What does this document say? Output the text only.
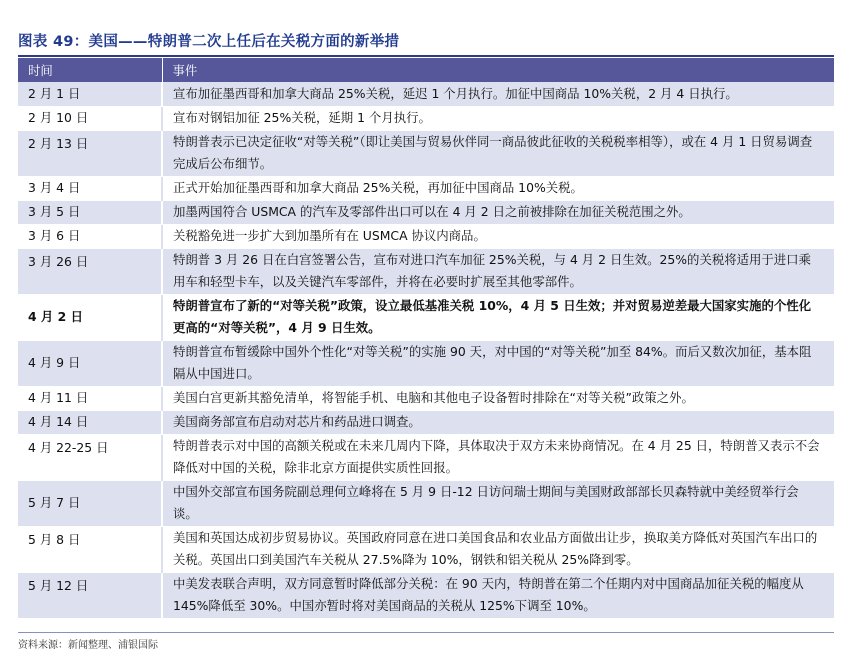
图表 49：美国——特朗普二次上任后在关税方面的新举措
时间	事件
2 月 1 日	宣布加征墨西哥和加拿大商品 25%关税，延迟 1 个月执行。加征中国商品 10%关税，2 月 4 日执行。
2 月 10 日	宣布对钢铝加征 25%关税，延期 1 个月执行。
2 月 13 日	特朗普表示已决定征收“对等关税”（即让美国与贸易伙伴同一商品彼此征收的关税税率相等），或在 4 月 1 日贸易调查完成后公布细节。
3 月 4 日	正式开始加征墨西哥和加拿大商品 25%关税，再加征中国商品 10%关税。
3 月 5 日	加墨两国符合 USMCA 的汽车及零部件出口可以在 4 月 2 日之前被排除在加征关税范围之外。
3 月 6 日	关税豁免进一步扩大到加墨所有在 USMCA 协议内商品。
3 月 26 日	特朗普 3 月 26 日在白宫签署公告，宣布对进口汽车加征 25%关税，与 4 月 2 日生效。25%的关税将适用于进口乘用车和轻型卡车，以及关键汽车零部件，并将在必要时扩展至其他零部件。
4 月 2 日	特朗普宣布了新的“对等关税”政策，设立最低基准关税 10%，4 月 5 日生效；并对贸易逆差最大国家实施的个性化更高的“对等关税”，4 月 9 日生效。
4 月 9 日	特朗普宣布暂缓除中国外个性化“对等关税”的实施 90 天，对中国的“对等关税”加至 84%。而后又数次加征，基本阻隔从中国进口。
4 月 11 日	美国白宫更新其豁免清单，将智能手机、电脑和其他电子设备暂时排除在“对等关税”政策之外。
4 月 14 日	美国商务部宣布启动对芯片和药品进口调查。
4 月 22-25 日	特朗普表示对中国的高额关税或在未来几周内下降，具体取决于双方未来协商情况。在 4 月 25 日，特朗普又表示不会降低对中国的关税，除非北京方面提供实质性回报。
5 月 7 日	中国外交部宣布国务院副总理何立峰将在 5 月 9 日-12 日访问瑞士期间与美国财政部部长贝森特就中美经贸举行会谈。
5 月 8 日	美国和英国达成初步贸易协议。英国政府同意在进口美国食品和农业品方面做出让步，换取美方降低对英国汽车出口的关税。英国出口到美国汽车关税从 27.5%降为 10%，钢铁和铝关税从 25%降到零。
5 月 12 日	中美发表联合声明，双方同意暂时降低部分关税：在 90 天内，特朗普在第二个任期内对中国商品加征关税的幅度从 145%降低至 30%。中国亦暂时将对美国商品的关税从 125%下调至 10%。
资料来源：新闻整理、浦银国际
